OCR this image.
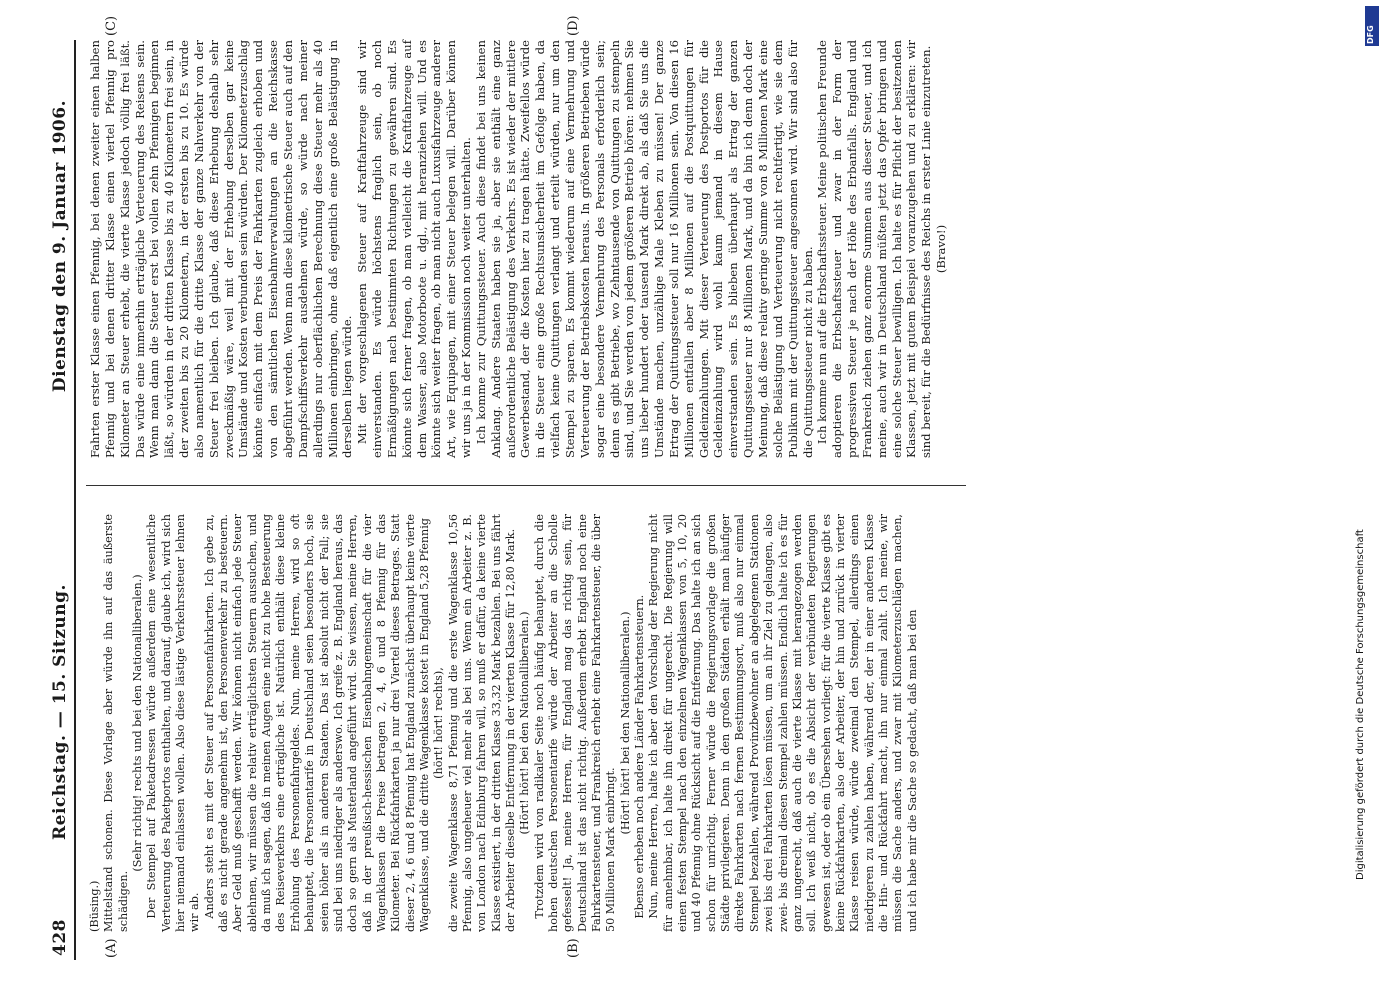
428
Reichstag. — 15. Sitzung.
Dienstag den 9. Januar 1906.
(A)	(B)
(C)	(D)

(Büsing.) Mittelstand schonen. Diese Vorlage aber würde ihn auf das äußerste schädigen.

(Sehr richtig! rechts und bei den Nationalliberalen.) Der Stempel auf Paketadressen würde außerdem eine wesentliche Verteuerung des Paketportos enthalten, und darauf, glaube ich, wird sich hier niemand einlassen wollen. Also diese lästige Verkehrssteuer lehnen wir ab. Anders steht es mit der Steuer auf Personenfahrkarten. Ich gebe zu, daß es nicht gerade angenehm ist, den Personenverkehr zu besteuern. Aber Geld muß geschafft werden. Wir können nicht einfach jede Steuer ablehnen, wir müssen die relativ erträglichsten Steuern aussuchen, und da muß ich sagen, daß in meinen Augen eine nicht zu hohe Besteuerung des Reiseverkehrs eine erträgliche ist. Natürlich enthält diese kleine Erhöhung des Personenfahrgeldes. Nun, meine Herren, wird so oft behauptet, die Personentarife in Deutschland seien besonders hoch, sie seien höher als in anderen Staaten. Das ist absolut nicht der Fall; sie sind bei uns niedriger als anderswo. Ich greife z. B. England heraus, das doch so gern als Musterland angeführt wird. Sie wissen, meine Herren, daß in der preußisch-hessischen Eisenbahngemeinschaft für die vier Wagenklassen die Preise betragen 2, 4, 6 und 8 Pfennig für das Kilometer. Bei Rückfahrkarten ja nur drei Viertel dieses Betrages. Statt dieser 2, 4, 6 und 8 Pfennig hat England zunächst überhaupt keine vierte Wagenklasse, und die dritte Wagenklasse kostet in England 5,28 Pfennig (hört! hört! rechts), die zweite Wagenklasse 8,71 Pfennig und die erste Wagenklasse 10,56 Pfennig, also ungeheuer viel mehr als bei uns. Wenn ein Arbeiter z. B. von London nach Edinburg fahren will, so muß er dafür, da keine vierte Klasse existiert, in der dritten Klasse 33,32 Mark bezahlen. Bei uns fährt der Arbeiter dieselbe Entfernung in der vierten Klasse für 12,80 Mark. (Hört! hört! bei den Nationalliberalen.) Trotzdem wird von radikaler Seite noch häufig behauptet, durch die hohen deutschen Personentarife würde der Arbeiter an die Scholle gefesselt! Ja, meine Herren, für England mag das richtig sein, für Deutschland ist das nicht richtig. Außerdem erhebt England noch eine Fahrkartensteuer, und Frankreich erhebt eine Fahrkartensteuer, die über 50 Millionen Mark einbringt.

(Hört! hört! bei den Nationalliberalen.) Ebenso erheben noch andere Länder Fahrkartensteuern. Nun, meine Herren, halte ich aber den Vorschlag der Regierung nicht für annehmbar, ich halte ihn direkt für ungerecht. Die Regierung will einen festen Stempel nach den einzelnen Wagenklassen von 5, 10, 20 und 40 Pfennig ohne Rücksicht auf die Entfernung. Das halte ich an sich schon für unrichtig. Ferner würde die Regierungsvorlage die großen Städte privilegieren. Denn in den großen Städten erhält man häufiger direkte Fahrkarten nach fernen Bestimmungsort, muß also nur einmal Stempel bezahlen, während Provinzbewohner an abgelegenen Stationen zwei bis drei Fahrkarten lösen müssen, um an ihr Ziel zu gelangen, also zwei- bis dreimal diesen Stempel zahlen müssen. Endlich halte ich es für ganz ungerecht, daß auch die vierte Klasse mit herangezogen werden soll. Ich weiß nicht, ob es die Absicht der verbündeten Regierungen gewesen ist, oder ob ein Übersehen vorliegt: für die vierte Klasse gibt es keine Rückfahrkarten, also der Arbeiter, der hin und zurück in vierter Klasse reisen würde, würde zweimal den Stempel, allerdings einen niedrigeren zu zahlen haben, während der, der in einer anderen Klasse die Hin- und Rückfahrt macht, ihn nur einmal zahlt. Ich meine, wir müssen die Sache anders, und zwar mit Kilometerzuschlägen machen, und ich habe mir die Sache so gedacht, daß man bei den

Fahrten erster Klasse einen Pfennig, bei denen zweiter einen halben Pfennig und bei denen dritter Klasse einen viertel Pfennig pro Kilometer an Steuer erhebt, die vierte Klasse jedoch völlig frei läßt. Das würde eine immerhin erträgliche Verteuerung des Reisens sein. Wenn man dann die Steuer erst bei vollen zehn Pfennigen beginnen läßt, so würden in der dritten Klasse bis zu 40 Kilometern frei sein, in der zweiten bis zu 20 Kilometern, in der ersten bis zu 10. Es würde also namentlich für die dritte Klasse der ganze Nahverkehr von der Steuer frei bleiben. Ich glaube, daß diese Erhebung deshalb sehr zweckmäßig wäre, weil mit der Erhebung derselben gar keine Umstände und Kosten verbunden sein würden. Der Kilometerzuschlag könnte einfach mit dem Preis der Fahrkarten zugleich erhoben und von den sämtlichen Eisenbahnverwaltungen an die Reichskasse abgeführt werden. Wenn man diese kilometrische Steuer auch auf den Dampfschiffsverkehr ausdehnen würde, so würde nach meiner allerdings nur oberflächlichen Berechnung diese Steuer mehr als 40 Millionen einbringen, ohne daß eigentlich eine große Belästigung in derselben liegen würde. Mit der vorgeschlagenen Steuer auf Kraftfahrzeuge sind wir einverstanden. Es würde höchstens fraglich sein, ob noch Ermäßigungen nach bestimmten Richtungen zu gewähren sind. Es könnte sich ferner fragen, ob man vielleicht die Kraftfahrzeuge auf dem Wasser, also Motorboote u. dgl., mit heranziehen will. Und es könnte sich weiter fragen, ob man nicht auch Luxusfahrzeuge anderer Art, wie Equipagen, mit einer Steuer belegen will. Darüber können wir uns ja in der Kommission noch weiter unterhalten. Ich komme zur Quittungssteuer. Auch diese findet bei uns keinen Anklang. Andere Staaten haben sie ja, aber sie enthält eine ganz außerordentliche Belästigung des Verkehrs. Es ist wieder der mittlere Gewerbestand, der die Kosten hier zu tragen hätte. Zweifellos würde in die Steuer eine große Rechtsunsicherheit im Gefolge haben, da vielfach keine Quittungen verlangt und erteilt würden, nur um den Stempel zu sparen. Es kommt wiederum auf eine Vermehrung und Verteuerung der Betriebskosten heraus. In größeren Betrieben würde sogar eine besondere Vermehrung des Personals erforderlich sein; denn es gibt Betriebe, wo Zehntausende von Quittungen zu stempeln sind, und Sie werden von jedem größeren Betrieb hören: nehmen Sie uns lieber hundert oder tausend Mark direkt ab, als daß Sie uns die Umstände machen, unzählige Male Kleben zu müssen! Der ganze Ertrag der Quittungssteuer soll nur 16 Millionen sein. Von diesen 16 Millionen entfallen aber 8 Millionen auf die Postquittungen für Geldeinzahlungen. Mit dieser Verteuerung des Postportos für die Geldeinzahlung wird wohl kaum jemand in diesem Hause einverstanden sein. Es blieben überhaupt als Ertrag der ganzen Quittungssteuer nur 8 Millionen Mark, und da bin ich denn doch der Meinung, daß diese relativ geringe Summe von 8 Millionen Mark eine solche Belästigung und Verteuerung nicht rechtfertigt, wie sie dem Publikum mit der Quittungssteuer angesonnen wird. Wir sind also für die Quittungssteuer nicht zu haben. Ich komme nun auf die Erbschaftssteuer. Meine politischen Freunde adoptieren die Erbschaftssteuer und zwar in der Form der progressiven Steuer je nach der Höhe des Erbanfalls. England und Frankreich ziehen ganz enorme Summen aus dieser Steuer, und ich meine, auch wir in Deutschland müßten jetzt das Opfer bringen und eine solche Steuer bewilligen. Ich halte es für Pflicht der besitzenden Klassen, jetzt mit gutem Beispiel voranzugehen und zu erklären: wir sind bereit, für die Bedürfnisse des Reichs in erster Linie einzutreten. (Bravo!)

Digitalisierung gefördert durch die Deutsche Forschungsgemeinschaft
DFG
